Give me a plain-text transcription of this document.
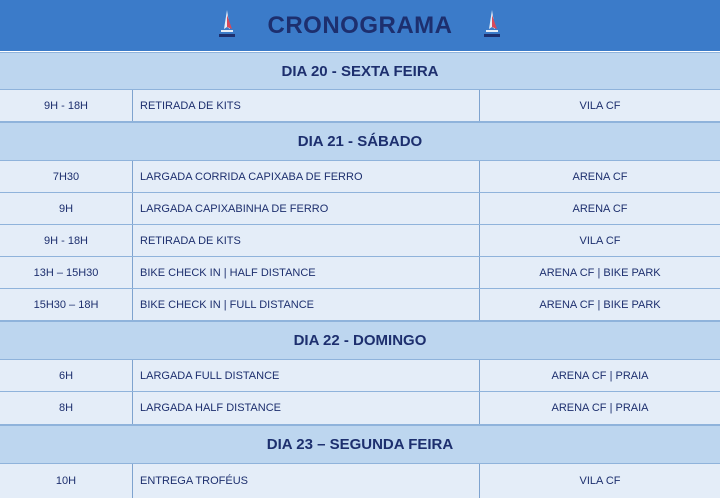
CRONOGRAMA
DIA 20 - SEXTA FEIRA
9H - 18H	RETIRADA DE KITS	VILA CF
DIA 21 - SÁBADO
7H30	LARGADA CORRIDA CAPIXABA DE FERRO	ARENA CF
9H	LARGADA CAPIXABINHA DE FERRO	ARENA CF
9H - 18H	RETIRADA DE KITS	VILA CF
13H – 15H30	BIKE CHECK IN | HALF DISTANCE	ARENA CF | BIKE PARK
15H30 – 18H	BIKE CHECK IN | FULL DISTANCE	ARENA CF | BIKE PARK
DIA 22 - DOMINGO
6H	LARGADA FULL DISTANCE	ARENA CF | PRAIA
8H	LARGADA HALF DISTANCE	ARENA CF | PRAIA
DIA 23 – SEGUNDA FEIRA
10H	ENTREGA TROFÉUS	VILA CF
